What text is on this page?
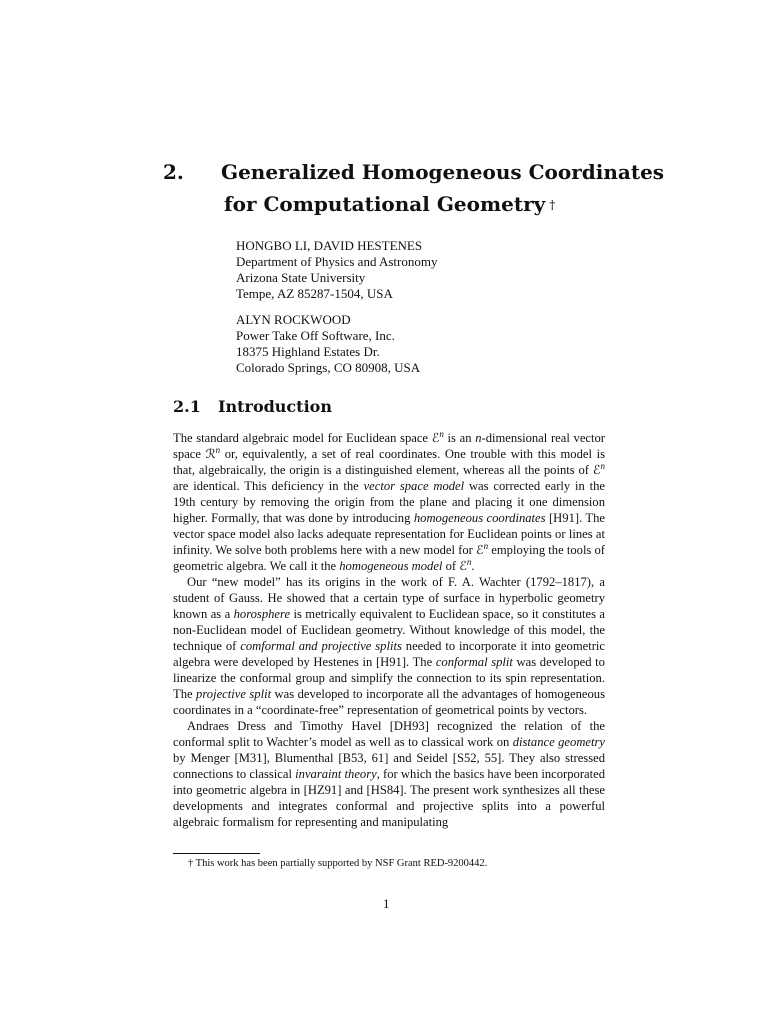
2. Generalized Homogeneous Coordinates
for Computational Geometry †
HONGBO LI, DAVID HESTENES
Department of Physics and Astronomy
Arizona State University
Tempe, AZ 85287-1504, USA
ALYN ROCKWOOD
Power Take Off Software, Inc.
18375 Highland Estates Dr.
Colorado Springs, CO 80908, USA
2.1 Introduction

The standard algebraic model for Euclidean space ℰ$^n$ is an n-dimensional real vector space ℛ$^n$ or, equivalently, a set of real coordinates. One trouble with this model is that, algebraically, the origin is a distinguished element, whereas all the points of ℰ$^n$ are identical. This deficiency in the vector space model was corrected early in the 19th century by removing the origin from the plane and placing it one dimension higher. Formally, that was done by introducing homogeneous coordinates [H91]. The vector space model also lacks adequate representation for Euclidean points or lines at infinity. We solve both problems here with a new model for ℰ$^n$ employing the tools of geometric algebra. We call it the homogeneous model of ℰ$^n$.

Our “new model” has its origins in the work of F. A. Wachter (1792–1817), a student of Gauss. He showed that a certain type of surface in hyperbolic geometry known as a horosphere is metrically equivalent to Euclidean space, so it constitutes a non-Euclidean model of Euclidean geometry. Without knowledge of this model, the technique of comformal and projective splits needed to incorporate it into geometric algebra were developed by Hestenes in [H91]. The conformal split was developed to linearize the conformal group and simplify the connection to its spin representation. The projective split was developed to incorporate all the advantages of homogeneous coordinates in a “coordinate-free” representation of geometrical points by vectors.

Andraes Dress and Timothy Havel [DH93] recognized the relation of the conformal split to Wachter’s model as well as to classical work on distance geometry by Menger [M31], Blumenthal [B53, 61] and Seidel [S52, 55]. They also stressed connections to classical invaraint theory, for which the basics have been incorporated into geometric algebra in [HZ91] and [HS84]. The present work synthesizes all these developments and integrates conformal and projective splits into a powerful algebraic formalism for representing and manipulating

† This work has been partially supported by NSF Grant RED-9200442.
1
